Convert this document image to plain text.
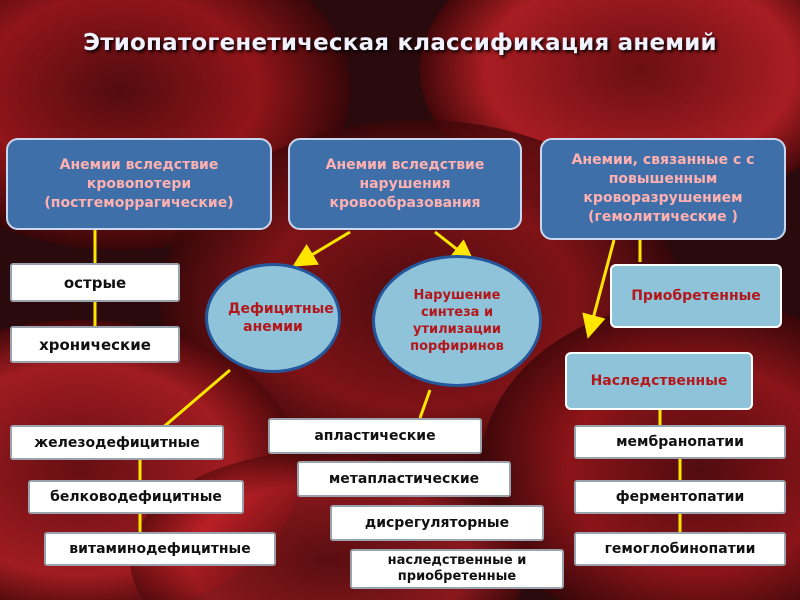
Этиопатогенетическая классификация анемий
Анемии вследствие кровопотери (постгеморрагические)
Анемии вследствие нарушения кровообразования
Анемии, связанные с с повышенным кроворазрушением (гемолитические )
острые
хронические
Дефицитные анемии
Нарушение синтеза и утилизации порфиринов
Приобретенные
Наследственные
железодефицитные
белководефицитные
витаминодефицитные
апластические
метапластические
дисрегуляторные
наследственные и приобретенные
мембранопатии
ферментопатии
гемоглобинопатии
